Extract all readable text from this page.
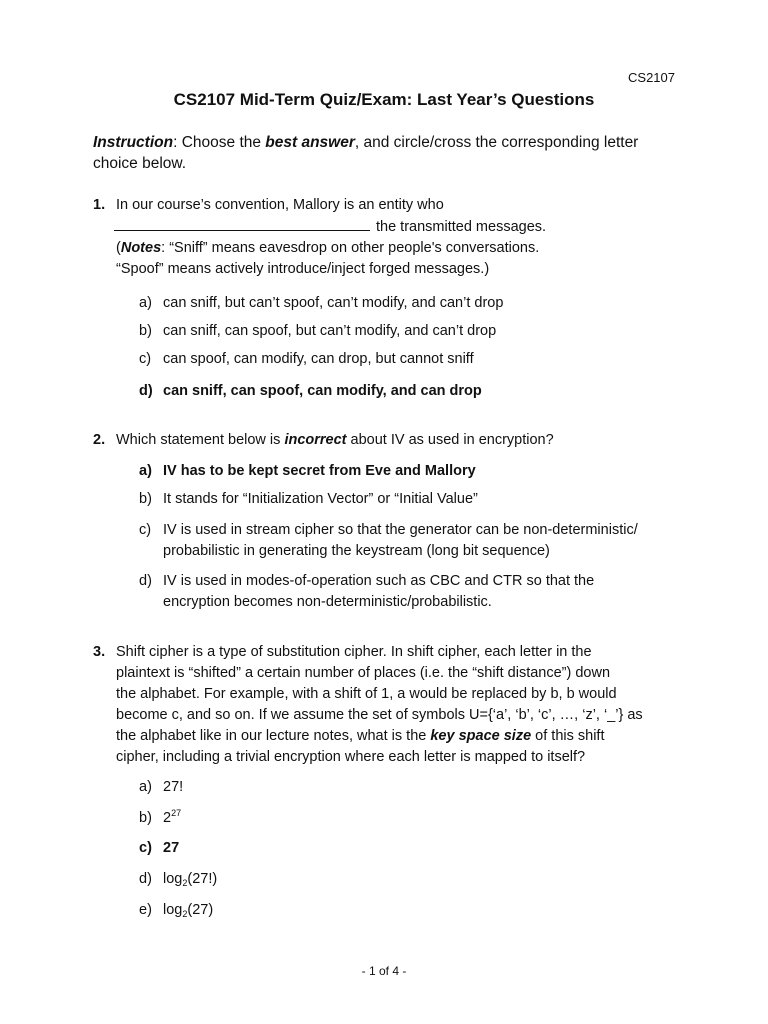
CS2107
CS2107 Mid-Term Quiz/Exam: Last Year’s Questions
Instruction: Choose the best answer, and circle/cross the corresponding letter choice below.
1. In our course’s convention, Mallory is an entity who
the transmitted messages.
(Notes: “Sniff” means eavesdrop on other people's conversations.
“Spoof” means actively introduce/inject forged messages.)
a) can sniff, but can’t spoof, can’t modify, and can’t drop
b) can sniff, can spoof, but can’t modify, and can’t drop
c) can spoof, can modify, can drop, but cannot sniff
d) can sniff, can spoof, can modify, and can drop
2. Which statement below is incorrect about IV as used in encryption?
a) IV has to be kept secret from Eve and Mallory
b) It stands for “Initialization Vector” or “Initial Value”
c) IV is used in stream cipher so that the generator can be non-deterministic/
probabilistic in generating the keystream (long bit sequence)
d) IV is used in modes-of-operation such as CBC and CTR so that the
encryption becomes non-deterministic/probabilistic.
3. Shift cipher is a type of substitution cipher. In shift cipher, each letter in the
plaintext is “shifted” a certain number of places (i.e. the “shift distance”) down
the alphabet. For example, with a shift of 1, a would be replaced by b, b would
become c, and so on. If we assume the set of symbols U={‘a’, ‘b’, ‘c’, …, ‘z’, ‘_’} as
the alphabet like in our lecture notes, what is the key space size of this shift
cipher, including a trivial encryption where each letter is mapped to itself?
a) 27!
b) $2^{27}$
c) 27
d) $\log_2(27!)$
e) $\log_2(27)$
- 1 of 4 -
